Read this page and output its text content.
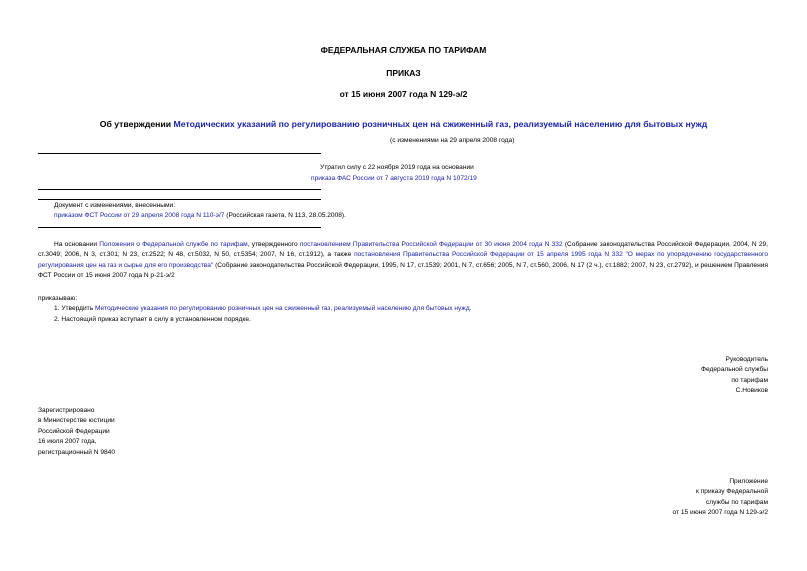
ФЕДЕРАЛЬНАЯ СЛУЖБА ПО ТАРИФАМ
ПРИКАЗ
от 15 июня 2007 года N 129-э/2
Об утверждении Методических указаний по регулированию розничных цен на сжиженный газ, реализуемый населению для бытовых нужд
(с изменениями на 29 апреля 2008 года)
Утратил силу с 22 ноября 2019 года на основании
приказа ФАС России от 7 августа 2019 года N 1072/19
Документ с изменениями, внесенными:
приказом ФСТ России от 29 апреля 2008 года N 110-э/7 (Российская газета, N 113, 28.05.2008).
На основании Положения о Федеральной службе по тарифам, утвержденного постановлением Правительства Российской Федерации от 30 июня 2004 года N 332 (Собрание законодательства Российской Федерации, 2004, N 29, ст.3049; 2006, N 3, ст.301; N 23, ст.2522; N 48, ст.5032, N 50, ст.5354; 2007, N 16, ст.1912), а также постановления Правительства Российской Федерации от 15 апреля 1995 года N 332 "О мерах по упорядочению государственного регулирования цен на газ и сырье для его производства" (Собрание законодательства Российской Федерации, 1995, N 17, ст.1539; 2001, N 7, ст.656; 2005, N 7, ст.560, 2006, N 17 (2 ч.), ст.1882; 2007, N 23, ст.2792), и решением Правления ФСТ России от 15 июня 2007 года N р-21-э/2
приказываю:
1. Утвердить Методические указания по регулированию розничных цен на сжиженный газ, реализуемый населению для бытовых нужд.
2. Настоящий приказ вступает в силу в установленном порядке.
Руководитель
Федеральной службы
по тарифам
С.Новиков
Зарегистрировано
в Министерстве юстиции
Российской Федерации
16 июля 2007 года,
регистрационный N 9840
Приложение
к приказу Федеральной
службы по тарифам
от 15 июня 2007 года N 129-э/2
